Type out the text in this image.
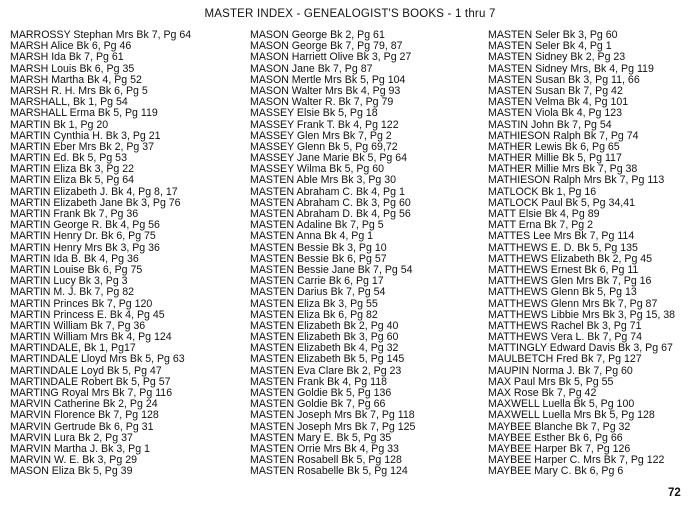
MASTER INDEX - GENEALOGIST'S BOOKS - 1 thru 7
MARROSSY Stephan Mrs Bk 7, Pg 64
MARSH Alice Bk 6, Pg 46
MARSH Ida Bk 7, Pg 61
MARSH Louis Bk 6, Pg 35
MARSH Martha Bk 4, Pg 52
MARSH R. H. Mrs Bk 6, Pg 5
MARSHALL, Bk 1, Pg 54
MARSHALL Erma Bk 5, Pg 119
MARTIN Bk 1, Pg 20
MARTIN Cynthia H. Bk 3, Pg 21
MARTIN Eber Mrs Bk 2, Pg 37
MARTIN Ed. Bk 5, Pg 53
MARTIN Eliza Bk 3, Pg 22
MARTIN Eliza Bk 5, Pg 64
MARTIN Elizabeth J. Bk 4, Pg 8, 17
MARTIN Elizabeth Jane Bk 3, Pg 76
MARTIN Frank Bk 7, Pg 36
MARTIN George R. Bk 4, Pg 56
MARTIN Henry Dr. Bk 6, Pg 75
MARTIN Henry Mrs Bk 3, Pg 36
MARTIN Ida B. Bk 4, Pg 36
MARTIN Louise Bk 6, Pg 75
MARTIN Lucy Bk 3, Pg 3
MARTIN M. J. Bk 7, Pg 82
MARTIN Princes Bk 7, Pg 120
MARTIN Princess E. Bk 4, Pg 45
MARTIN William Bk 7, Pg 36
MARTIN William Mrs Bk 4, Pg 124
MARTINDALE, Bk 1, Pg17
MARTINDALE Lloyd Mrs Bk 5, Pg 63
MARTINDALE Loyd Bk 5, Pg 47
MARTINDALE Robert Bk 5, Pg 57
MARTING Royal Mrs Bk 7, Pg 116
MARVIN Catherine Bk 2, Pg 24
MARVIN Florence Bk 7, Pg 128
MARVIN Gertrude Bk 6, Pg 31
MARVIN Lura Bk 2, Pg 37
MARVIN Martha J. Bk 3, Pg 1
MARVIN W. E. Bk 3, Pg 29
MASON Eliza Bk 5, Pg 39
MASON George Bk 2, Pg 61
MASON George Bk 7, Pg 79, 87
MASON Harriett Olive Bk 3, Pg 27
MASON Jane Bk 7, Pg 87
MASON Mertle Mrs Bk 5, Pg 104
MASON Walter Mrs Bk 4, Pg 93
MASON Walter R. Bk 7, Pg 79
MASSEY Elsie Bk 5, Pg 18
MASSEY Frank T. Bk 4, Pg 122
MASSEY Glen Mrs Bk 7, Pg 2
MASSEY Glenn Bk 5, Pg 69,72
MASSEY Jane Marie Bk 5, Pg 64
MASSEY Wilma Bk 5, Pg 60
MASTEN Able Mrs Bk 3, Pg 30
MASTEN Abraham C. Bk 4, Pg 1
MASTEN Abraham C. Bk 3, Pg 60
MASTEN Abraham D. Bk 4, Pg 56
MASTEN Adaline Bk 7, Pg 5
MASTEN Anna Bk 4, Pg 1
MASTEN Bessie Bk 3, Pg 10
MASTEN Bessie Bk 6, Pg 57
MASTEN Bessie Jane Bk 7, Pg 54
MASTEN Carrie Bk 6, Pg 17
MASTEN Darius Bk 7, Pg 54
MASTEN Eliza Bk 3, Pg 55
MASTEN Eliza Bk 6, Pg 82
MASTEN Elizabeth Bk 2, Pg 40
MASTEN Elizabeth Bk 3, Pg 60
MASTEN Elizabeth Bk 4, Pg 32
MASTEN Elizabeth Bk 5, Pg 145
MASTEN Eva Clare Bk 2, Pg 23
MASTEN Frank Bk 4, Pg 118
MASTEN Goldie Bk 5, Pg 136
MASTEN Goldie Bk 7, Pg 66
MASTEN Joseph Mrs Bk 7, Pg 118
MASTEN Joseph Mrs Bk 7, Pg 125
MASTEN Mary E. Bk 5, Pg 35
MASTEN Orrie Mrs Bk 4, Pg 33
MASTEN Rosabell Bk 5, Pg 128
MASTEN Rosabelle Bk 5, Pg 124
MASTEN Seler Bk 3, Pg 60
MASTEN Seler Bk 4, Pg 1
MASTEN Sidney Bk 2, Pg 23
MASTEN Sidney Mrs, Bk 4, Pg 119
MASTEN Susan Bk 3, Pg 11, 66
MASTEN Susan Bk 7, Pg 42
MASTEN Velma Bk 4, Pg 101
MASTEN Viola Bk 4, Pg 123
MASTIN John Bk 7, Pg 54
MATHIESON Ralph Bk 7, Pg 74
MATHER Lewis Bk 6, Pg 65
MATHER Millie Bk 5, Pg 117
MATHER Millie Mrs Bk 7, Pg 38
MATHIESON Ralph Mrs Bk 7, Pg 113
MATLOCK Bk 1, Pg 16
MATLOCK Paul Bk 5, Pg 34,41
MATT Elsie Bk 4, Pg 89
MATT Erna Bk 7, Pg 2
MATTES Lee Mrs Bk 7, Pg 114
MATTHEWS E. D. Bk 5, Pg 135
MATTHEWS Elizabeth Bk 2, Pg 45
MATTHEWS Ernest Bk 6, Pg 11
MATTHEWS Glen Mrs Bk 7, Pg 16
MATTHEWS Glenn Bk 5, Pg 13
MATTHEWS Glenn Mrs Bk 7, Pg 87
MATTHEWS Libbie Mrs Bk 3, Pg 15, 38
MATTHEWS Rachel Bk 3, Pg 71
MATTHEWS Vera L. Bk 7, Pg 74
MATTINGLY Edward Davis Bk 3, Pg 67
MAULBETCH Fred Bk 7, Pg 127
MAUPIN Norma J. Bk 7, Pg 60
MAX Paul Mrs Bk 5, Pg 55
MAX Rose Bk 7, Pg 42
MAXWELL Luella Bk 5, Pg 100
MAXWELL Luella Mrs Bk 5, Pg 128
MAYBEE Blanche Bk 7, Pg 32
MAYBEE Esther Bk 6, Pg 66
MAYBEE Harper Bk 7, Pg 126
MAYBEE Harper C. Mrs Bk 7, Pg 122
MAYBEE Mary C. Bk 6, Pg 6
72
